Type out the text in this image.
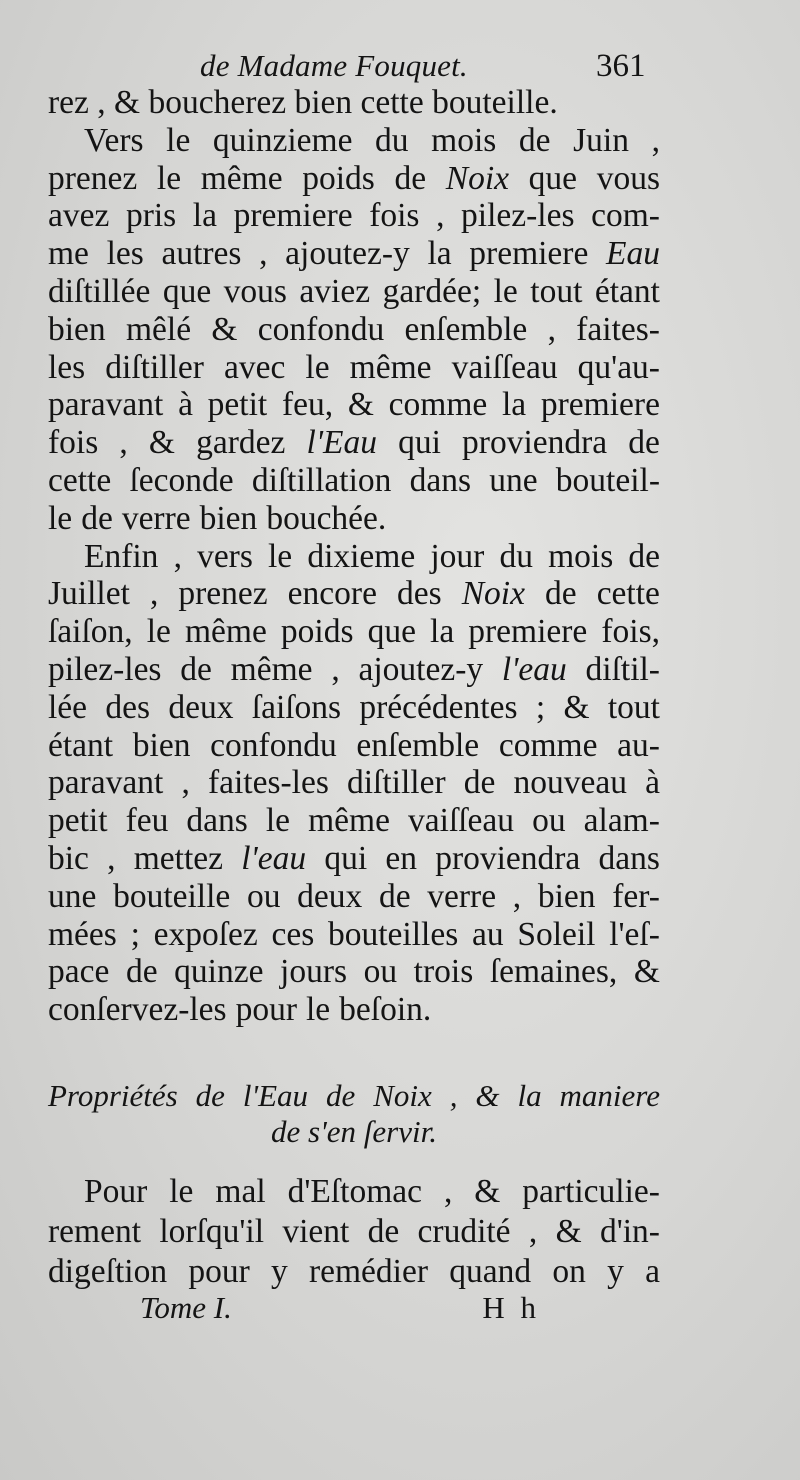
de Madame Fouquet.	361
rez , & boucherez bien cette bouteille.
Vers le quinzieme du mois de Juin ,
prenez le même poids de Noix que vous
avez pris la premiere fois , pilez-les com-
me les autres , ajoutez-y la premiere Eau
diſtillée que vous aviez gardée; le tout étant
bien mêlé & confondu enſemble , faites-
les diſtiller avec le même vaiſſeau qu'au-
paravant à petit feu, & comme la premiere
fois , & gardez l'Eau qui proviendra de
cette ſeconde diſtillation dans une bouteil-
le de verre bien bouchée.
Enfin , vers le dixieme jour du mois de
Juillet , prenez encore des Noix de cette
ſaiſon, le même poids que la premiere fois,
pilez-les de même , ajoutez-y l'eau diſtil-
lée des deux ſaiſons précédentes ; & tout
étant bien confondu enſemble comme au-
paravant , faites-les diſtiller de nouveau à
petit feu dans le même vaiſſeau ou alam-
bic , mettez l'eau qui en proviendra dans
une bouteille ou deux de verre , bien fer-
mées ; expoſez ces bouteilles au Soleil l'eſ-
pace de quinze jours ou trois ſemaines, &
conſervez-les pour le beſoin.
Propriétés de l'Eau de Noix , & la maniere
de s'en ſervir.
Pour le mal d'Eſtomac , & particulie-
rement lorſqu'il vient de crudité , & d'in-
digeſtion pour y remédier quand on y a
Tome I.	H h
